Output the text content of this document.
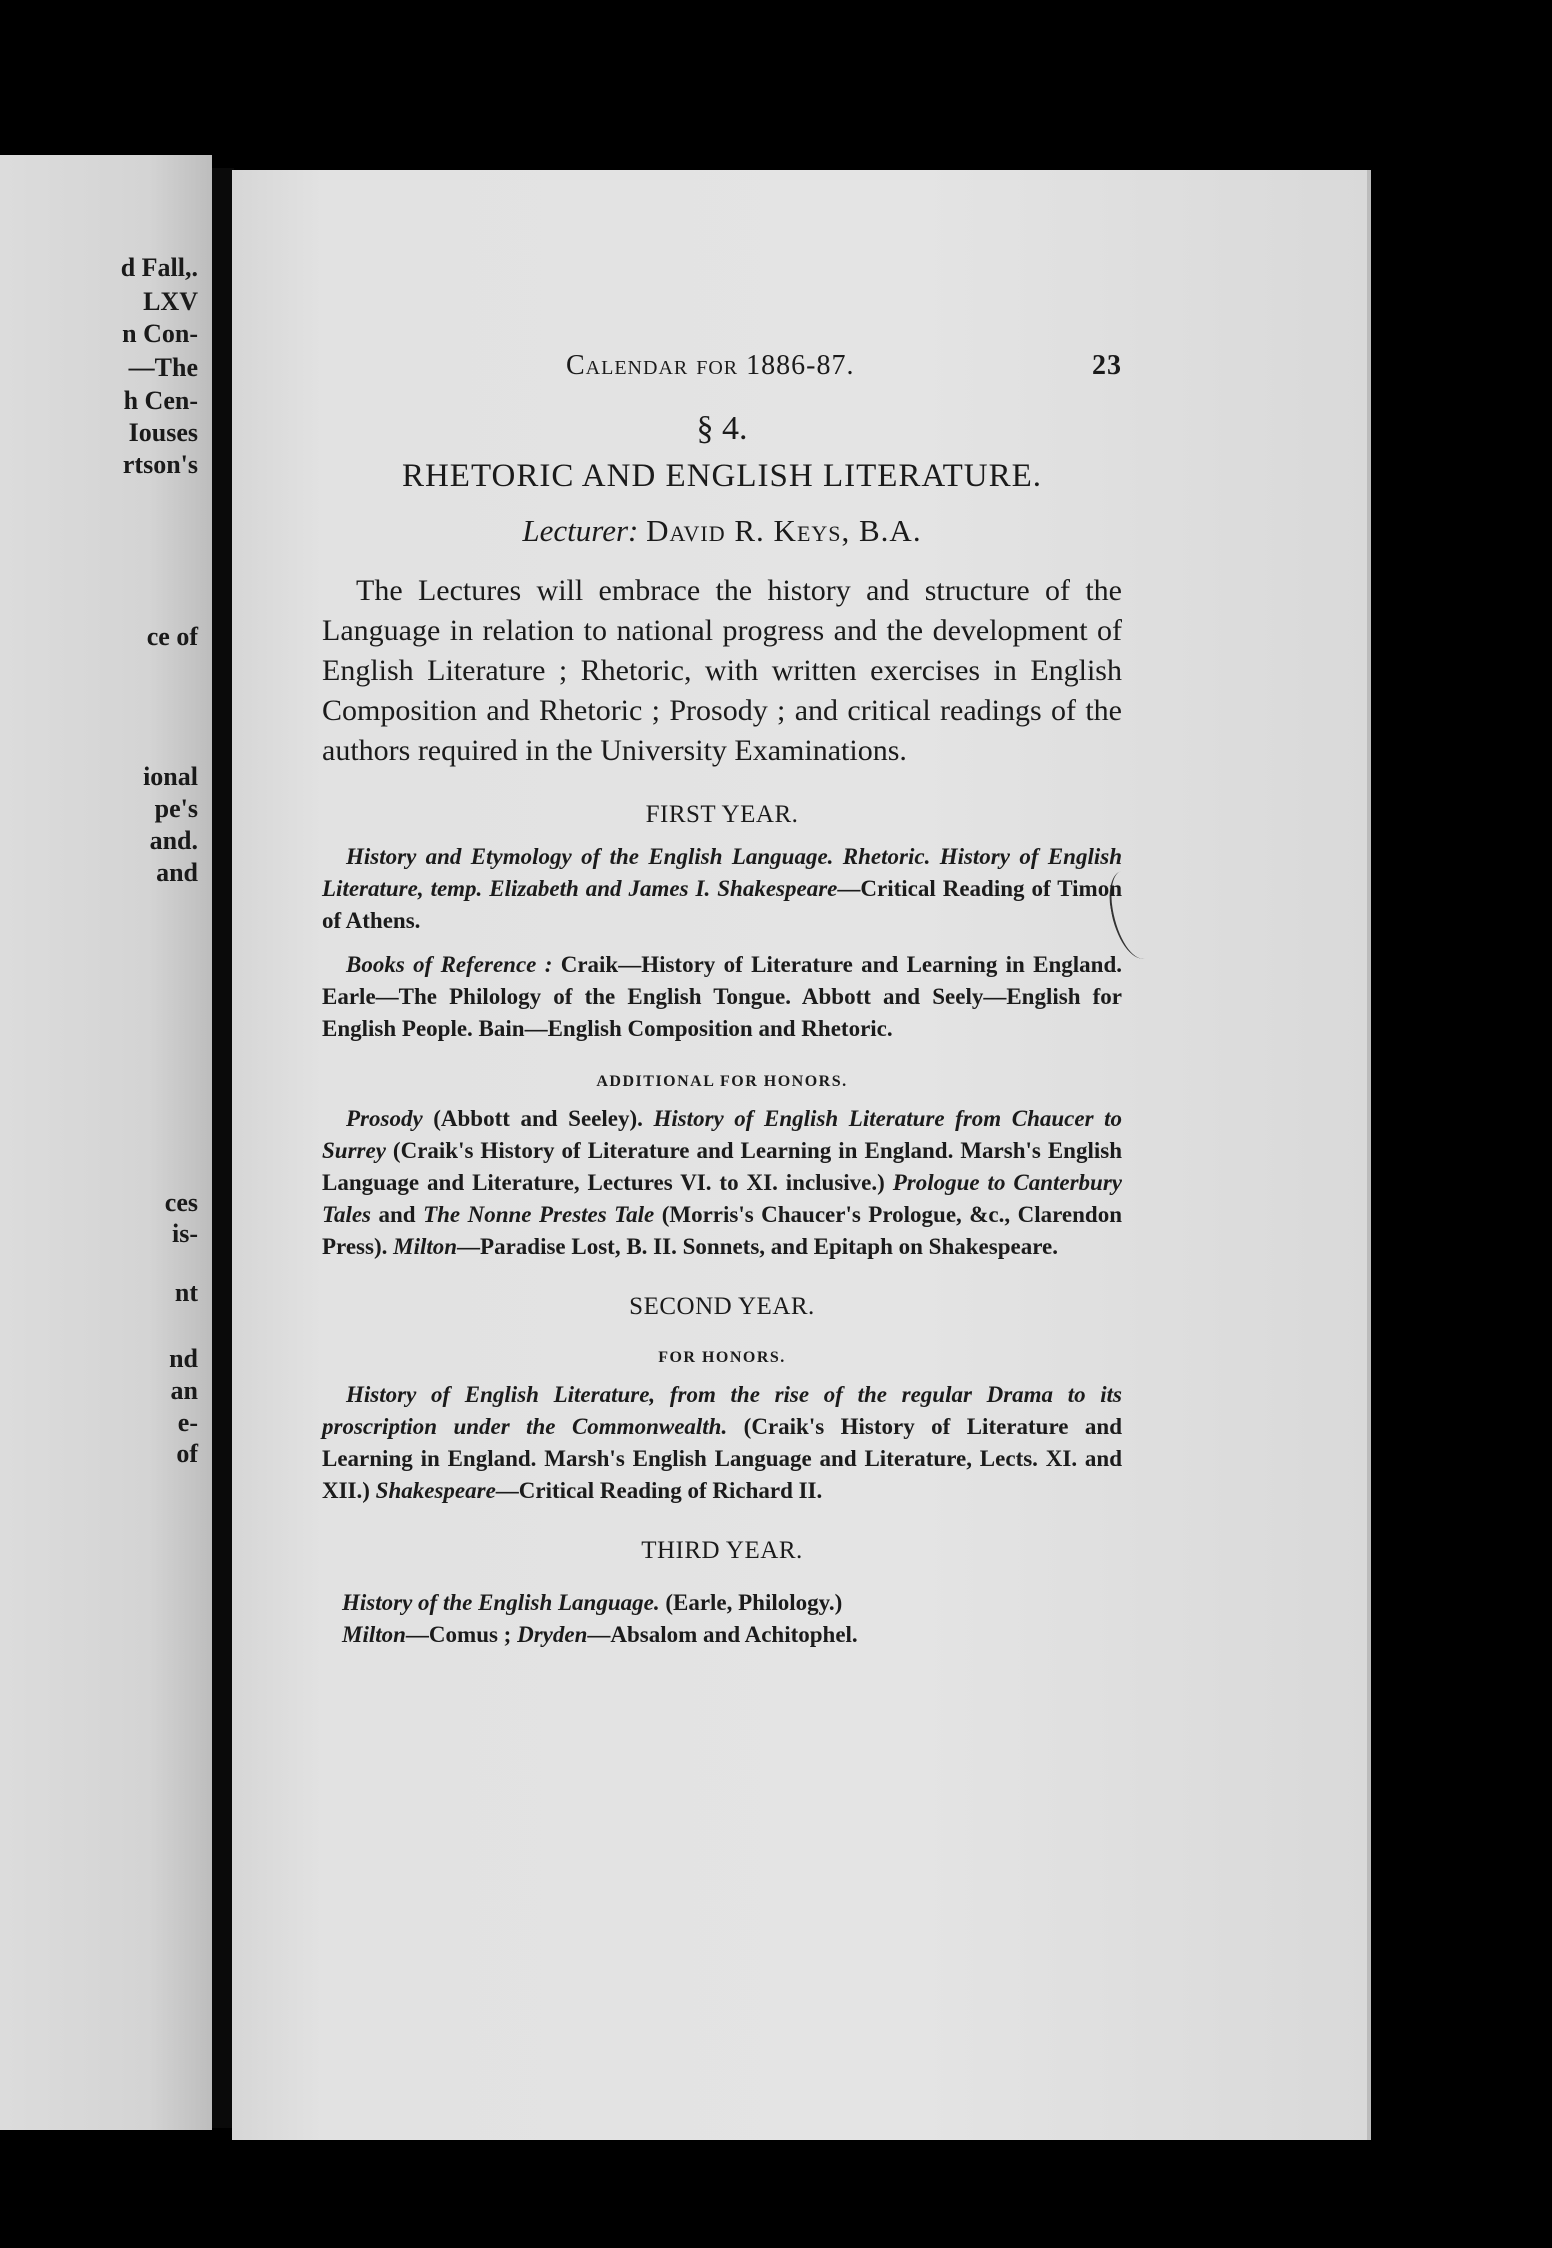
d Fall,.
LXV
n Con-
—The
h Cen-
Iouses
rtson's
ce of
ional
pe's
and.
and
ces
is-
nt
nd
an
e-
of
Calendar for 1886-87.	23
§ 4.
RHETORIC AND ENGLISH LITERATURE.
Lecturer: David R. Keys, B.A.
The Lectures will embrace the history and structure of the Language in relation to national progress and the development of English Literature ; Rhetoric, with written exercises in English Composition and Rhetoric ; Prosody ; and critical readings of the authors required in the University Examinations.
FIRST YEAR.
History and Etymology of the English Language. Rhetoric. History of English Literature, temp. Elizabeth and James I. Shakespeare—Critical Reading of Timon of Athens.
Books of Reference : Craik—History of Literature and Learning in England. Earle—The Philology of the English Tongue. Abbott and Seely—English for English People. Bain—English Composition and Rhetoric.
ADDITIONAL FOR HONORS.
Prosody (Abbott and Seeley). History of English Literature from Chaucer to Surrey (Craik's History of Literature and Learning in England. Marsh's English Language and Literature, Lectures VI. to XI. inclusive.) Prologue to Canterbury Tales and The Nonne Prestes Tale (Morris's Chaucer's Prologue, &c., Clarendon Press). Milton—Paradise Lost, B. II. Sonnets, and Epitaph on Shakespeare.
SECOND YEAR.
FOR HONORS.
History of English Literature, from the rise of the regular Drama to its proscription under the Commonwealth. (Craik's History of Literature and Learning in England. Marsh's English Language and Literature, Lects. XI. and XII.) Shakespeare—Critical Reading of Richard II.
THIRD YEAR.
History of the English Language. (Earle, Philology.)
Milton—Comus ; Dryden—Absalom and Achitophel.
